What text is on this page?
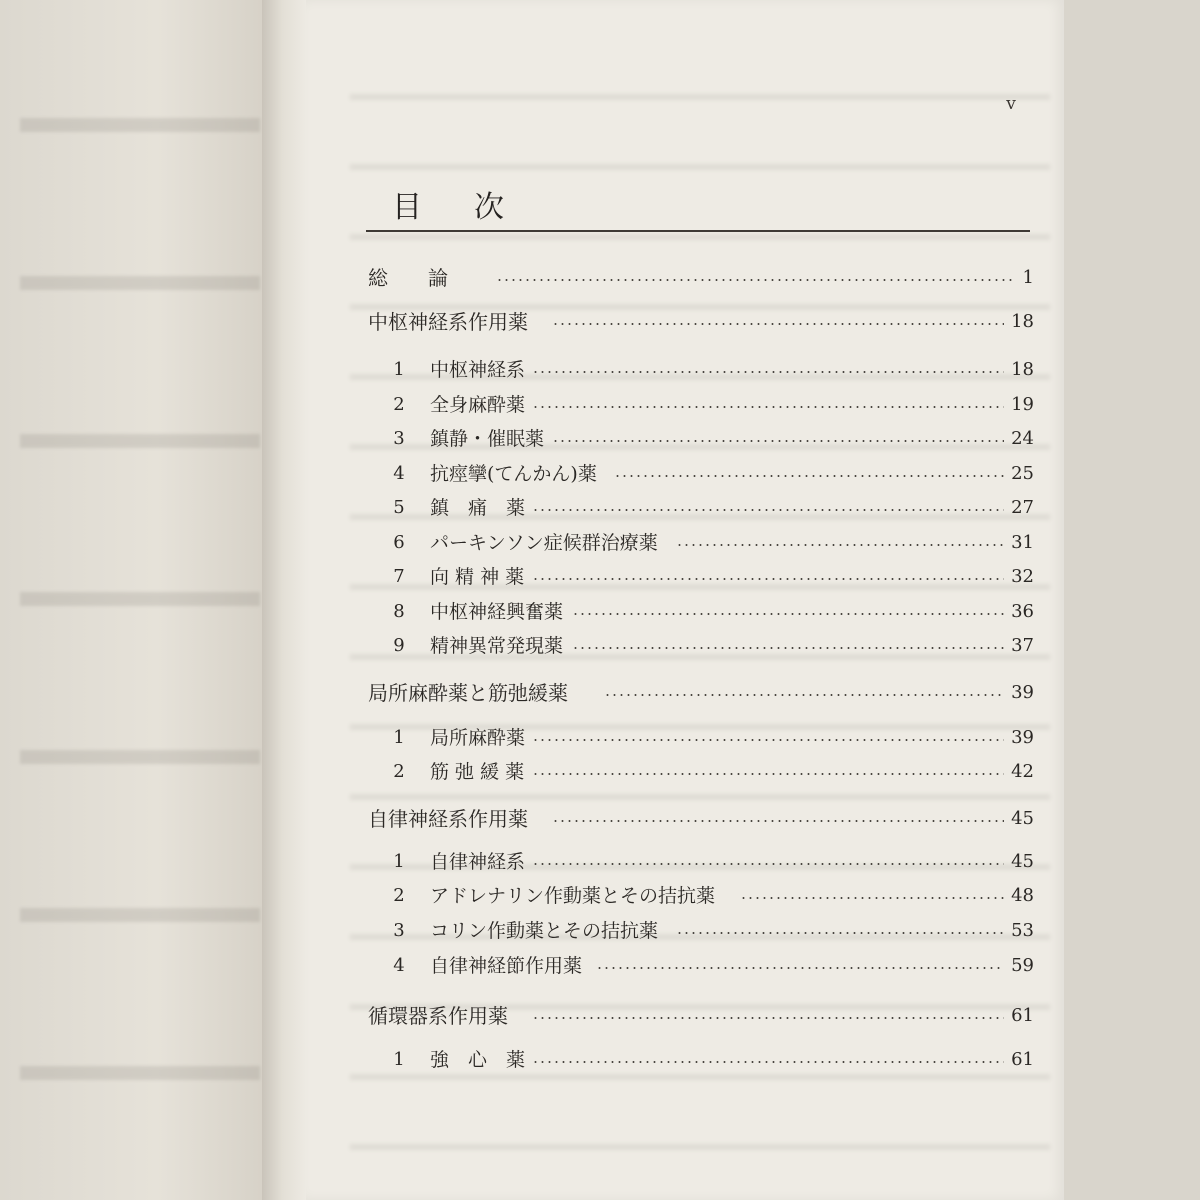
v
目次
総　　論	1
中枢神経系作用薬	18
1 中枢神経系	18
2 全身麻酔薬	19
3 鎮静・催眠薬	24
4 抗痙攣(てんかん)薬	25
5 鎮　痛　薬	27
6 パーキンソン症候群治療薬	31
7 向 精 神 薬	32
8 中枢神経興奮薬	36
9 精神異常発現薬	37
局所麻酔薬と筋弛緩薬	39
1 局所麻酔薬	39
2 筋 弛 緩 薬	42
自律神経系作用薬	45
1 自律神経系	45
2 アドレナリン作動薬とその拮抗薬	48
3 コリン作動薬とその拮抗薬	53
4 自律神経節作用薬	59
循環器系作用薬	61
1 強　心　薬	61
